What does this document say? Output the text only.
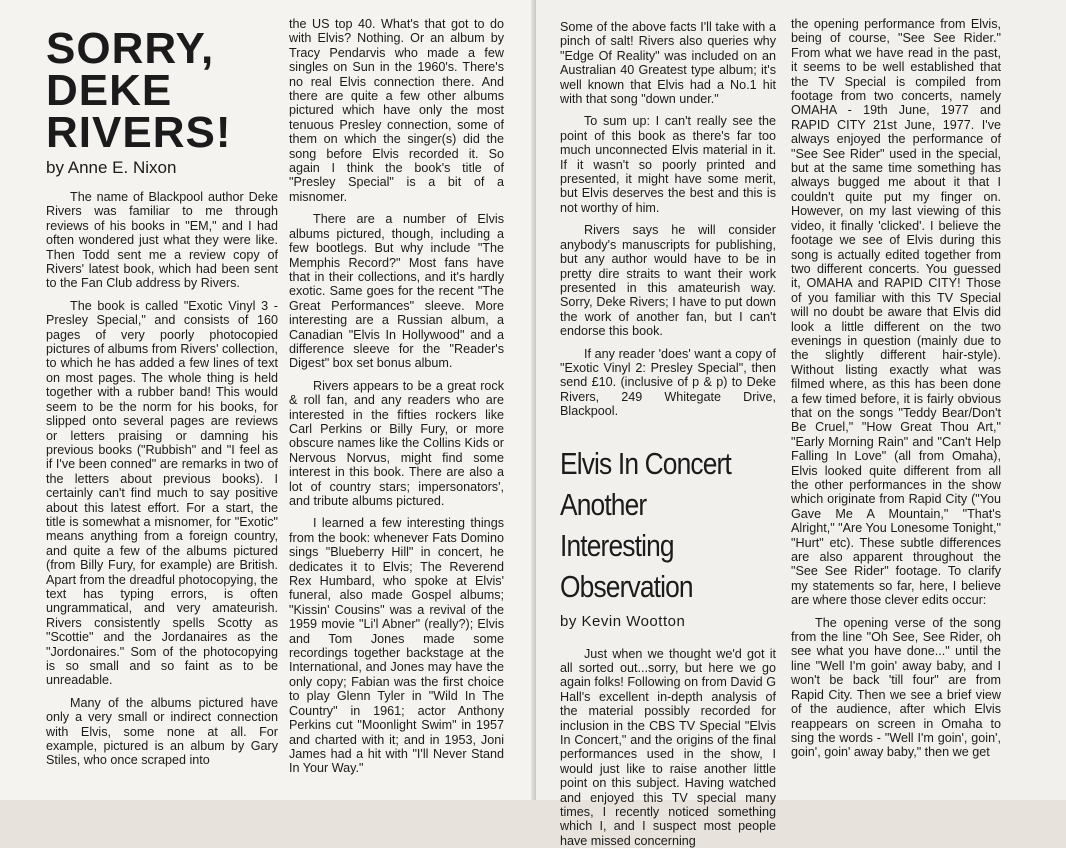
SORRY,
DEKE
RIVERS!
by Anne E. Nixon

The name of Blackpool author Deke Rivers was familiar to me through reviews of his books in "EM," and I had often wondered just what they were like. Then Todd sent me a review copy of Rivers' latest book, which had been sent to the Fan Club address by Rivers.

The book is called "Exotic Vinyl 3 - Presley Special," and consists of 160 pages of very poorly photocopied pictures of albums from Rivers' collection, to which he has added a few lines of text on most pages. The whole thing is held together with a rubber band! This would seem to be the norm for his books, for slipped onto several pages are reviews or letters praising or damning his previous books ("Rubbish" and "I feel as if I've been conned" are remarks in two of the letters about previous books). I certainly can't find much to say positive about this latest effort. For a start, the title is somewhat a misnomer, for "Exotic" means anything from a foreign country, and quite a few of the albums pictured (from Billy Fury, for example) are British. Apart from the dreadful photocopying, the text has typing errors, is often ungrammatical, and very amateurish. Rivers consistently spells Scotty as "Scottie" and the Jordanaires as the "Jordonaires." Som of the photocopying is so small and so faint as to be unreadable.

Many of the albums pictured have only a very small or indirect connection with Elvis, some none at all. For example, pictured is an album by Gary Stiles, who once scraped into

the US top 40. What's that got to do with Elvis? Nothing. Or an album by Tracy Pendarvis who made a few singles on Sun in the 1960's. There's no real Elvis connection there. And there are quite a few other albums pictured which have only the most tenuous Presley connection, some of them on which the singer(s) did the song before Elvis recorded it. So again I think the book's title of "Presley Special" is a bit of a misnomer.

There are a number of Elvis albums pictured, though, including a few bootlegs. But why include "The Memphis Record?" Most fans have that in their collections, and it's hardly exotic. Same goes for the recent "The Great Performances" sleeve. More interesting are a Russian album, a Canadian "Elvis In Hollywood" and a difference sleeve for the "Reader's Digest" box set bonus album.

Rivers appears to be a great rock & roll fan, and any readers who are interested in the fifties rockers like Carl Perkins or Billy Fury, or more obscure names like the Collins Kids or Nervous Norvus, might find some interest in this book. There are also a lot of country stars; impersonators', and tribute albums pictured.

I learned a few interesting things from the book: whenever Fats Domino sings "Blueberry Hill" in concert, he dedicates it to Elvis; The Reverend Rex Humbard, who spoke at Elvis' funeral, also made Gospel albums; "Kissin' Cousins" was a revival of the 1959 movie "Li'l Abner" (really?); Elvis and Tom Jones made some recordings together backstage at the International, and Jones may have the only copy; Fabian was the first choice to play Glenn Tyler in "Wild In The Country" in 1961; actor Anthony Perkins cut "Moonlight Swim" in 1957 and charted with it; and in 1953, Joni James had a hit with "I'll Never Stand In Your Way."

Some of the above facts I'll take with a pinch of salt! Rivers also queries why "Edge Of Reality" was included on an Australian 40 Greatest type album; it's well known that Elvis had a No.1 hit with that song "down under."

To sum up: I can't really see the point of this book as there's far too much unconnected Elvis material in it. If it wasn't so poorly printed and presented, it might have some merit, but Elvis deserves the best and this is not worthy of him.

Rivers says he will consider anybody's manuscripts for publishing, but any author would have to be in pretty dire straits to want their work presented in this amateurish way. Sorry, Deke Rivers; I have to put down the work of another fan, but I can't endorse this book.

If any reader 'does' want a copy of "Exotic Vinyl 2: Presley Special", then send £10. (inclusive of p & p) to Deke Rivers, 249 Whitegate Drive, Blackpool.

Elvis In Concert
Another Interesting
Observation
by Kevin Wootton

Just when we thought we'd got it all sorted out...sorry, but here we go again folks! Following on from David G Hall's excellent in-depth analysis of the material possibly recorded for inclusion in the CBS TV Special "Elvis In Concert," and the origins of the final performances used in the show, I would just like to raise another little point on this subject. Having watched and enjoyed this TV special many times, I recently noticed something which I, and I suspect most people have missed concerning

the opening performance from Elvis, being of course, "See See Rider." From what we have read in the past, it seems to be well established that the TV Special is compiled from footage from two concerts, namely OMAHA - 19th June, 1977 and RAPID CITY 21st June, 1977. I've always enjoyed the performance of "See See Rider" used in the special, but at the same time something has always bugged me about it that I couldn't quite put my finger on. However, on my last viewing of this video, it finally 'clicked'. I believe the footage we see of Elvis during this song is actually edited together from two different concerts. You guessed it, OMAHA and RAPID CITY! Those of you familiar with this TV Special will no doubt be aware that Elvis did look a little different on the two evenings in question (mainly due to the slightly different hair-style). Without listing exactly what was filmed where, as this has been done a few timed before, it is fairly obvious that on the songs "Teddy Bear/Don't Be Cruel," "How Great Thou Art," "Early Morning Rain" and "Can't Help Falling In Love" (all from Omaha), Elvis looked quite different from all the other performances in the show which originate from Rapid City ("You Gave Me A Mountain," "That's Alright," "Are You Lonesome Tonight," "Hurt" etc). These subtle differences are also apparent throughout the "See See Rider" footage. To clarify my statements so far, here, I believe are where those clever edits occur:

The opening verse of the song from the line "Oh See, See Rider, oh see what you have done..." until the line "Well I'm goin' away baby, and I won't be back 'till four" are from Rapid City. Then we see a brief view of the audience, after which Elvis reappears on screen in Omaha to sing the words - "Well I'm goin', goin', goin', goin' away baby," then we get
